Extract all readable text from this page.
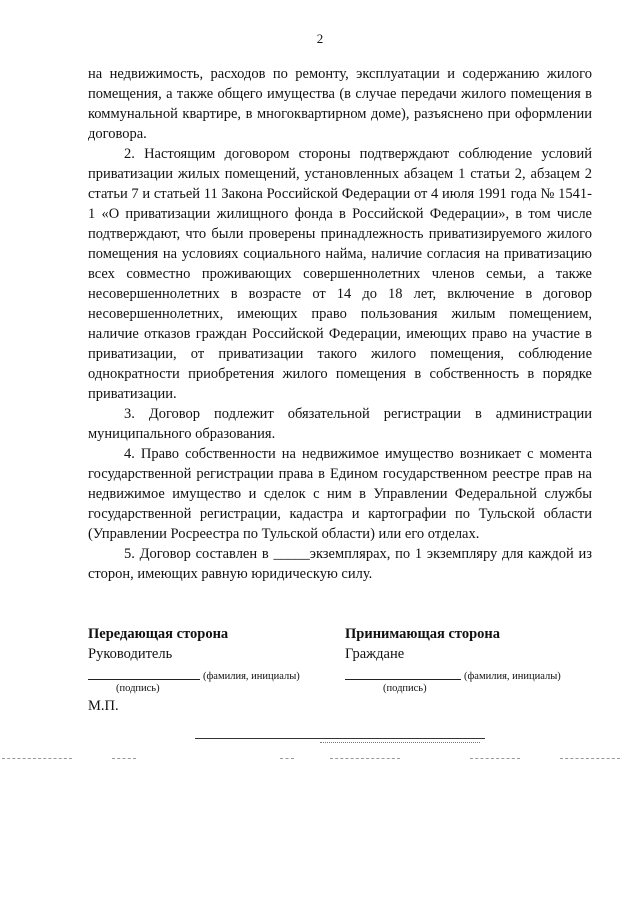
2

на недвижимость, расходов по ремонту, эксплуатации и содержанию жилого помещения, а также общего имущества (в случае передачи жилого помещения в коммунальной квартире, в многоквартирном доме), разъяснено при оформлении договора.

2. Настоящим договором стороны подтверждают соблюдение условий приватизации жилых помещений, установленных абзацем 1 статьи 2, абзацем 2 статьи 7 и статьей 11 Закона Российской Федерации от 4 июля 1991 года № 1541-1 «О приватизации жилищного фонда в Российской Федерации», в том числе подтверждают, что были проверены принадлежность приватизируемого жилого помещения на условиях социального найма, наличие согласия на приватизацию всех совместно проживающих совершеннолетних членов семьи, а также несовершеннолетних в возрасте от 14 до 18 лет, включение в договор несовершеннолетних, имеющих право пользования жилым помещением, наличие отказов граждан Российской Федерации, имеющих право на участие в приватизации, от приватизации такого жилого помещения, соблюдение однократности приобретения жилого помещения в собственность в порядке приватизации.

3. Договор подлежит обязательной регистрации в администрации муниципального образования.

4. Право собственности на недвижимое имущество возникает с момента государственной регистрации права в Едином государственном реестре прав на недвижимое имущество и сделок с ним в Управлении Федеральной службы государственной регистрации, кадастра и картографии по Тульской области (Управлении Росреестра по Тульской области) или его отделах.

5. Договор составлен в _____экземплярах, по 1 экземпляру для каждой из сторон, имеющих равную юридическую силу.

Передающая сторона
Руководитель
(фамилия, инициалы)
(подпись)
М.П.
Принимающая сторона
Граждане
(фамилия, инициалы)
(подпись)
